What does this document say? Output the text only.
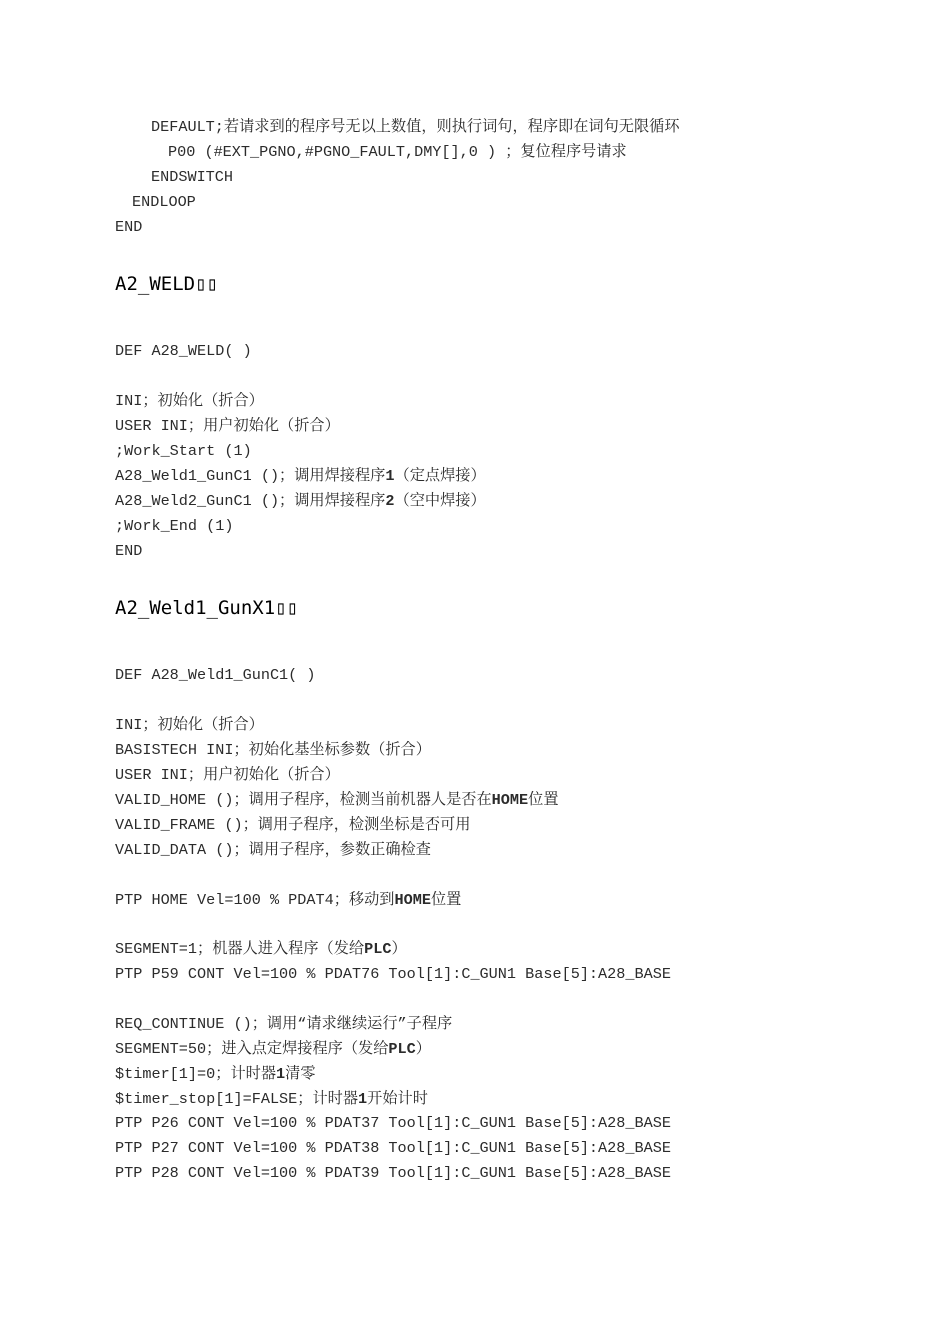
DEFAULT;若请求到的程序号无以上数值，则执行词句，程序即在词句无限循环
P00 (#EXT_PGNO,#PGNO_FAULT,DMY[],0 ) ；复位程序号请求
ENDSWITCH
ENDLOOP
END
A2_WELD▯▯
DEF A28_WELD( )
INI；初始化（折合）
USER INI；用户初始化（折合）
;Work_Start (1)
A28_Weld1_GunC1 ()；调用焊接程序1（定点焊接）
A28_Weld2_GunC1 ()；调用焊接程序2（空中焊接）
;Work_End (1)
END
A2_Weld1_GunX1▯▯
DEF A28_Weld1_GunC1( )
INI；初始化（折合）
BASISTECH INI；初始化基坐标参数（折合）
USER INI；用户初始化（折合）
VALID_HOME ()；调用子程序，检测当前机器人是否在HOME位置
VALID_FRAME ()；调用子程序，检测坐标是否可用
VALID_DATA ()；调用子程序，参数正确检查
PTP HOME Vel=100 % PDAT4；移动到HOME位置
SEGMENT=1；机器人进入程序（发给PLC）
PTP P59 CONT Vel=100 % PDAT76 Tool[1]:C_GUN1 Base[5]:A28_BASE
REQ_CONTINUE ()；调用“请求继续运行”子程序
SEGMENT=50；进入点定焊接程序（发给PLC）
$timer[1]=0；计时器1清零
$timer_stop[1]=FALSE；计时器1开始计时
PTP P26 CONT Vel=100 % PDAT37 Tool[1]:C_GUN1 Base[5]:A28_BASE
PTP P27 CONT Vel=100 % PDAT38 Tool[1]:C_GUN1 Base[5]:A28_BASE
PTP P28 CONT Vel=100 % PDAT39 Tool[1]:C_GUN1 Base[5]:A28_BASE
